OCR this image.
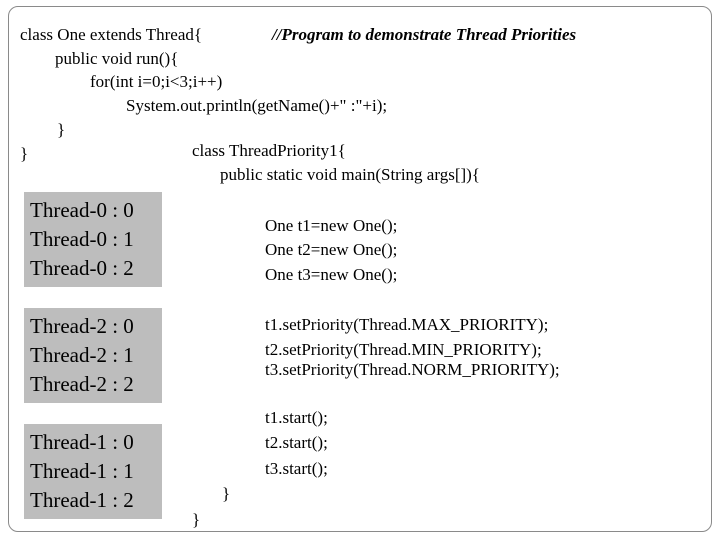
class One extends Thread{	//Program to demonstrate Thread Priorities
public void run(){
for(int i=0;i<3;i++)
System.out.println(getName()+" :"+i);
}
}	class ThreadPriority1{
public static void main(String args[]){
One t1=new One();
One t2=new One();
One t3=new One();
t1.setPriority(Thread.MAX_PRIORITY);
t2.setPriority(Thread.MIN_PRIORITY);
t3.setPriority(Thread.NORM_PRIORITY);
t1.start();
t2.start();
t3.start();
}
}
Thread-0 : 0
Thread-0 : 1
Thread-0 : 2
Thread-2 : 0
Thread-2 : 1
Thread-2 : 2
Thread-1 : 0
Thread-1 : 1
Thread-1 : 2
